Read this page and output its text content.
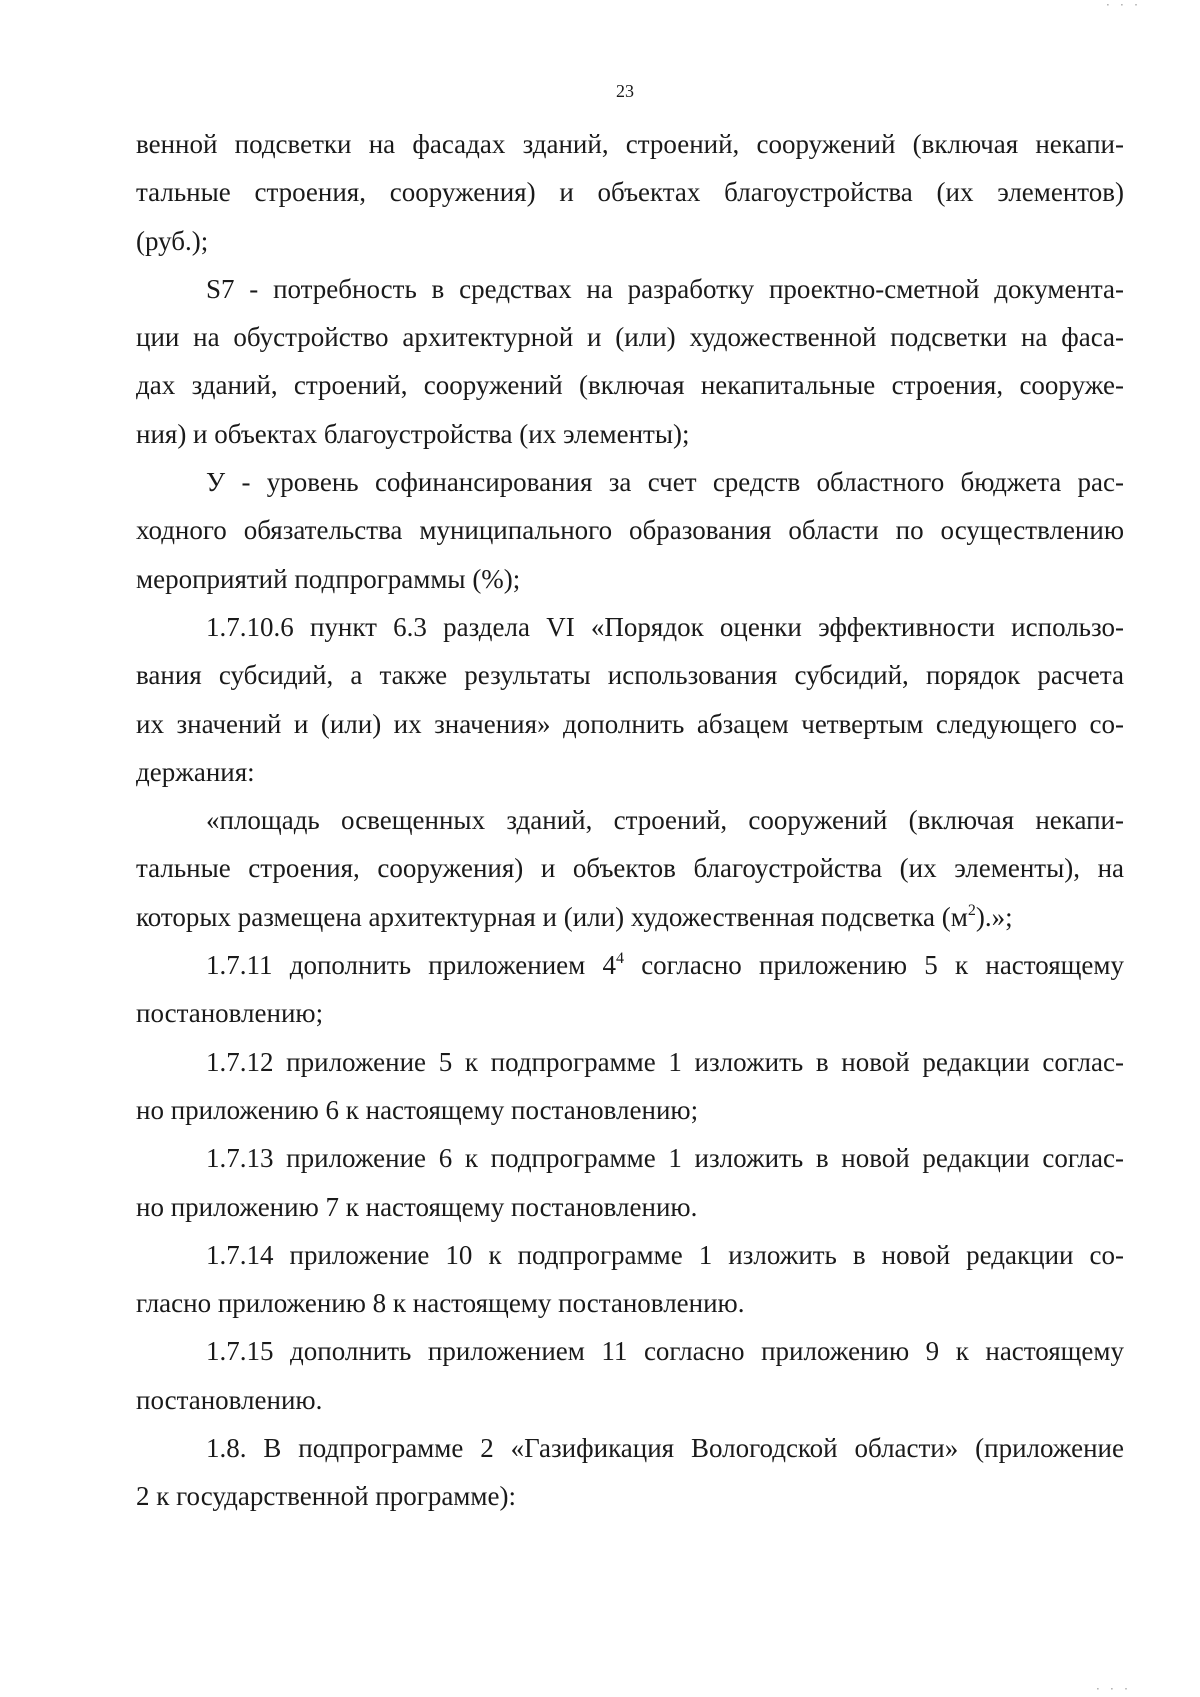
23
венной подсветки на фасадах зданий, строений, сооружений (включая некапи-
тальные строения, сооружения) и объектах благоустройства (их элементов)
(руб.);
S7 - потребность в средствах на разработку проектно-сметной документа-
ции на обустройство архитектурной и (или) художественной подсветки на фаса-
дах зданий, строений, сооружений (включая некапитальные строения, сооруже-
ния) и объектах благоустройства (их элементы);
У - уровень софинансирования за счет средств областного бюджета рас-
ходного обязательства муниципального образования области по осуществлению
мероприятий подпрограммы (%);
1.7.10.6 пункт 6.3 раздела VI «Порядок оценки эффективности использо-
вания субсидий, а также результаты использования субсидий, порядок расчета
их значений и (или) их значения» дополнить абзацем четвертым следующего со-
держания:
«площадь освещенных зданий, строений, сооружений (включая некапи-
тальные строения, сооружения) и объектов благоустройства (их элементы), на
которых размещена архитектурная и (или) художественная подсветка $(м^2)$.»;
1.7.11 дополнить приложением $4^4$ согласно приложению 5 к настоящему
постановлению;
1.7.12 приложение 5 к подпрограмме 1 изложить в новой редакции соглас-
но приложению 6 к настоящему постановлению;
1.7.13 приложение 6 к подпрограмме 1 изложить в новой редакции соглас-
но приложению 7 к настоящему постановлению.
1.7.14 приложение 10 к подпрограмме 1 изложить в новой редакции со-
гласно приложению 8 к настоящему постановлению.
1.7.15 дополнить приложением 11 согласно приложению 9 к настоящему
постановлению.
1.8. В подпрограмме 2 «Газификация Вологодской области» (приложение
2 к государственной программе):
· · ·
· · ·
